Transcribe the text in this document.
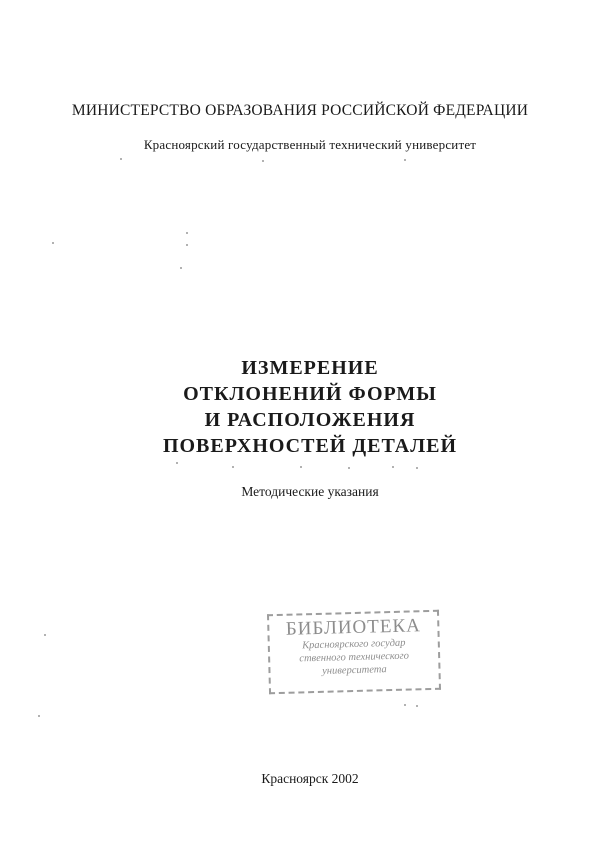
МИНИСТЕРСТВО ОБРАЗОВАНИЯ РОССИЙСКОЙ ФЕДЕРАЦИИ
Красноярский государственный технический университет
ИЗМЕРЕНИЕ
ОТКЛОНЕНИЙ ФОРМЫ
И РАСПОЛОЖЕНИЯ
ПОВЕРХНОСТЕЙ ДЕТАЛЕЙ
Методические указания
БИБЛИОТЕКА
Красноярского государ
ственного технического
университета
Красноярск 2002
